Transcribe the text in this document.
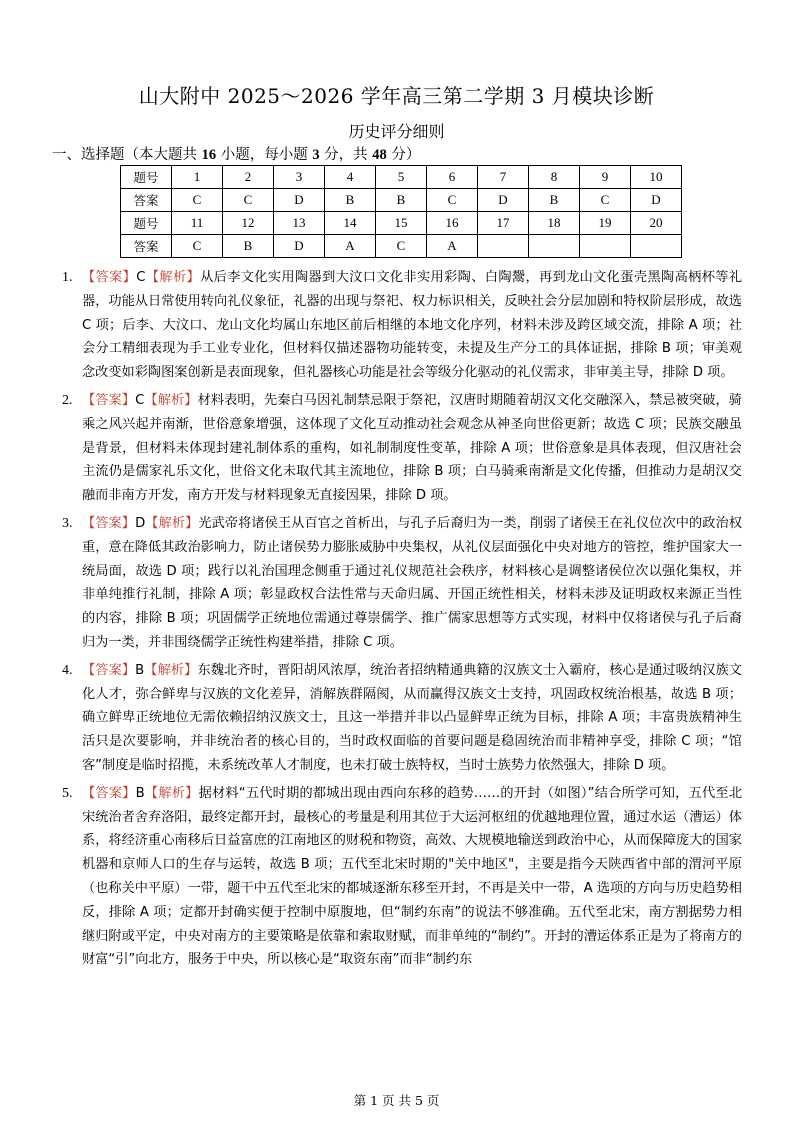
山大附中 2025～2026 学年高三第二学期 3 月模块诊断
历史评分细则
一、选择题（本大题共 16 小题，每小题 3 分，共 48 分）
题号	1	2	3	4	5	6	7	8	9	10
答案	C	C	D	B	B	C	D	B	C	D
题号	11	12	13	14	15	16	17	18	19	20
答案	C	B	D	A	C	A				
1. 【答案】C【解析】从后李文化实用陶器到大汶口文化非实用彩陶、白陶鬶，再到龙山文化蛋壳黑陶高柄杯等礼器，功能从日常使用转向礼仪象征，礼器的出现与祭祀、权力标识相关，反映社会分层加剧和特权阶层形成，故选 C 项；后李、大汶口、龙山文化均属山东地区前后相继的本地文化序列，材料未涉及跨区域交流，排除 A 项；社会分工精细表现为手工业专业化，但材料仅描述器物功能转变，未提及生产分工的具体证据，排除 B 项；审美观念改变如彩陶图案创新是表面现象，但礼器核心功能是社会等级分化驱动的礼仪需求，非审美主导，排除 D 项。
2. 【答案】C【解析】材料表明，先秦白马因礼制禁忌限于祭祀，汉唐时期随着胡汉文化交融深入，禁忌被突破，骑乘之风兴起并南渐，世俗意象增强，这体现了文化互动推动社会观念从神圣向世俗更新；故选 C 项；民族交融虽是背景，但材料未体现封建礼制体系的重构，如礼制制度性变革，排除 A 项；世俗意象是具体表现，但汉唐社会主流仍是儒家礼乐文化，世俗文化未取代其主流地位，排除 B 项；白马骑乘南渐是文化传播，但推动力是胡汉交融而非南方开发，南方开发与材料现象无直接因果，排除 D 项。
3. 【答案】D【解析】光武帝将诸侯王从百官之首析出，与孔子后裔归为一类，削弱了诸侯王在礼仪位次中的政治权重，意在降低其政治影响力，防止诸侯势力膨胀威胁中央集权，从礼仪层面强化中央对地方的管控，维护国家大一统局面，故选 D 项；践行以礼治国理念侧重于通过礼仪规范社会秩序，材料核心是调整诸侯位次以强化集权，并非单纯推行礼制，排除 A 项；彰显政权合法性常与天命归属、开国正统性相关，材料未涉及证明政权来源正当性的内容，排除 B 项；巩固儒学正统地位需通过尊崇儒学、推广儒家思想等方式实现，材料中仅将诸侯与孔子后裔归为一类，并非围绕儒学正统性构建举措，排除 C 项。
4. 【答案】B【解析】东魏北齐时，晋阳胡风浓厚，统治者招纳精通典籍的汉族文士入霸府，核心是通过吸纳汉族文化人才，弥合鲜卑与汉族的文化差异，消解族群隔阂，从而赢得汉族文士支持，巩固政权统治根基，故选 B 项；确立鲜卑正统地位无需依赖招纳汉族文士，且这一举措并非以凸显鲜卑正统为目标，排除 A 项；丰富贵族精神生活只是次要影响，并非统治者的核心目的，当时政权面临的首要问题是稳固统治而非精神享受，排除 C 项；“馆客”制度是临时招揽，未系统改革人才制度，也未打破士族特权，当时士族势力依然强大，排除 D 项。
5. 【答案】B【解析】据材料“五代时期的都城出现由西向东移的趋势……的开封（如图）”结合所学可知，五代至北宋统治者舍弃洛阳，最终定都开封，最核心的考量是利用其位于大运河枢纽的优越地理位置，通过水运（漕运）体系，将经济重心南移后日益富庶的江南地区的财税和物资，高效、大规模地输送到政治中心，从而保障庞大的国家机器和京师人口的生存与运转，故选 B 项；五代至北宋时期的"关中地区"，主要是指今天陕西省中部的渭河平原（也称关中平原）一带，题干中五代至北宋的都城逐渐东移至开封，不再是关中一带，A 选项的方向与历史趋势相反，排除 A 项；定都开封确实便于控制中原腹地，但“制约东南”的说法不够准确。五代至北宋，南方割据势力相继归附或平定，中央对南方的主要策略是依靠和索取财赋，而非单纯的“制约”。开封的漕运体系正是为了将南方的财富“引”向北方，服务于中央，所以核心是“取资东南”而非“制约东
第 1 页 共 5 页
